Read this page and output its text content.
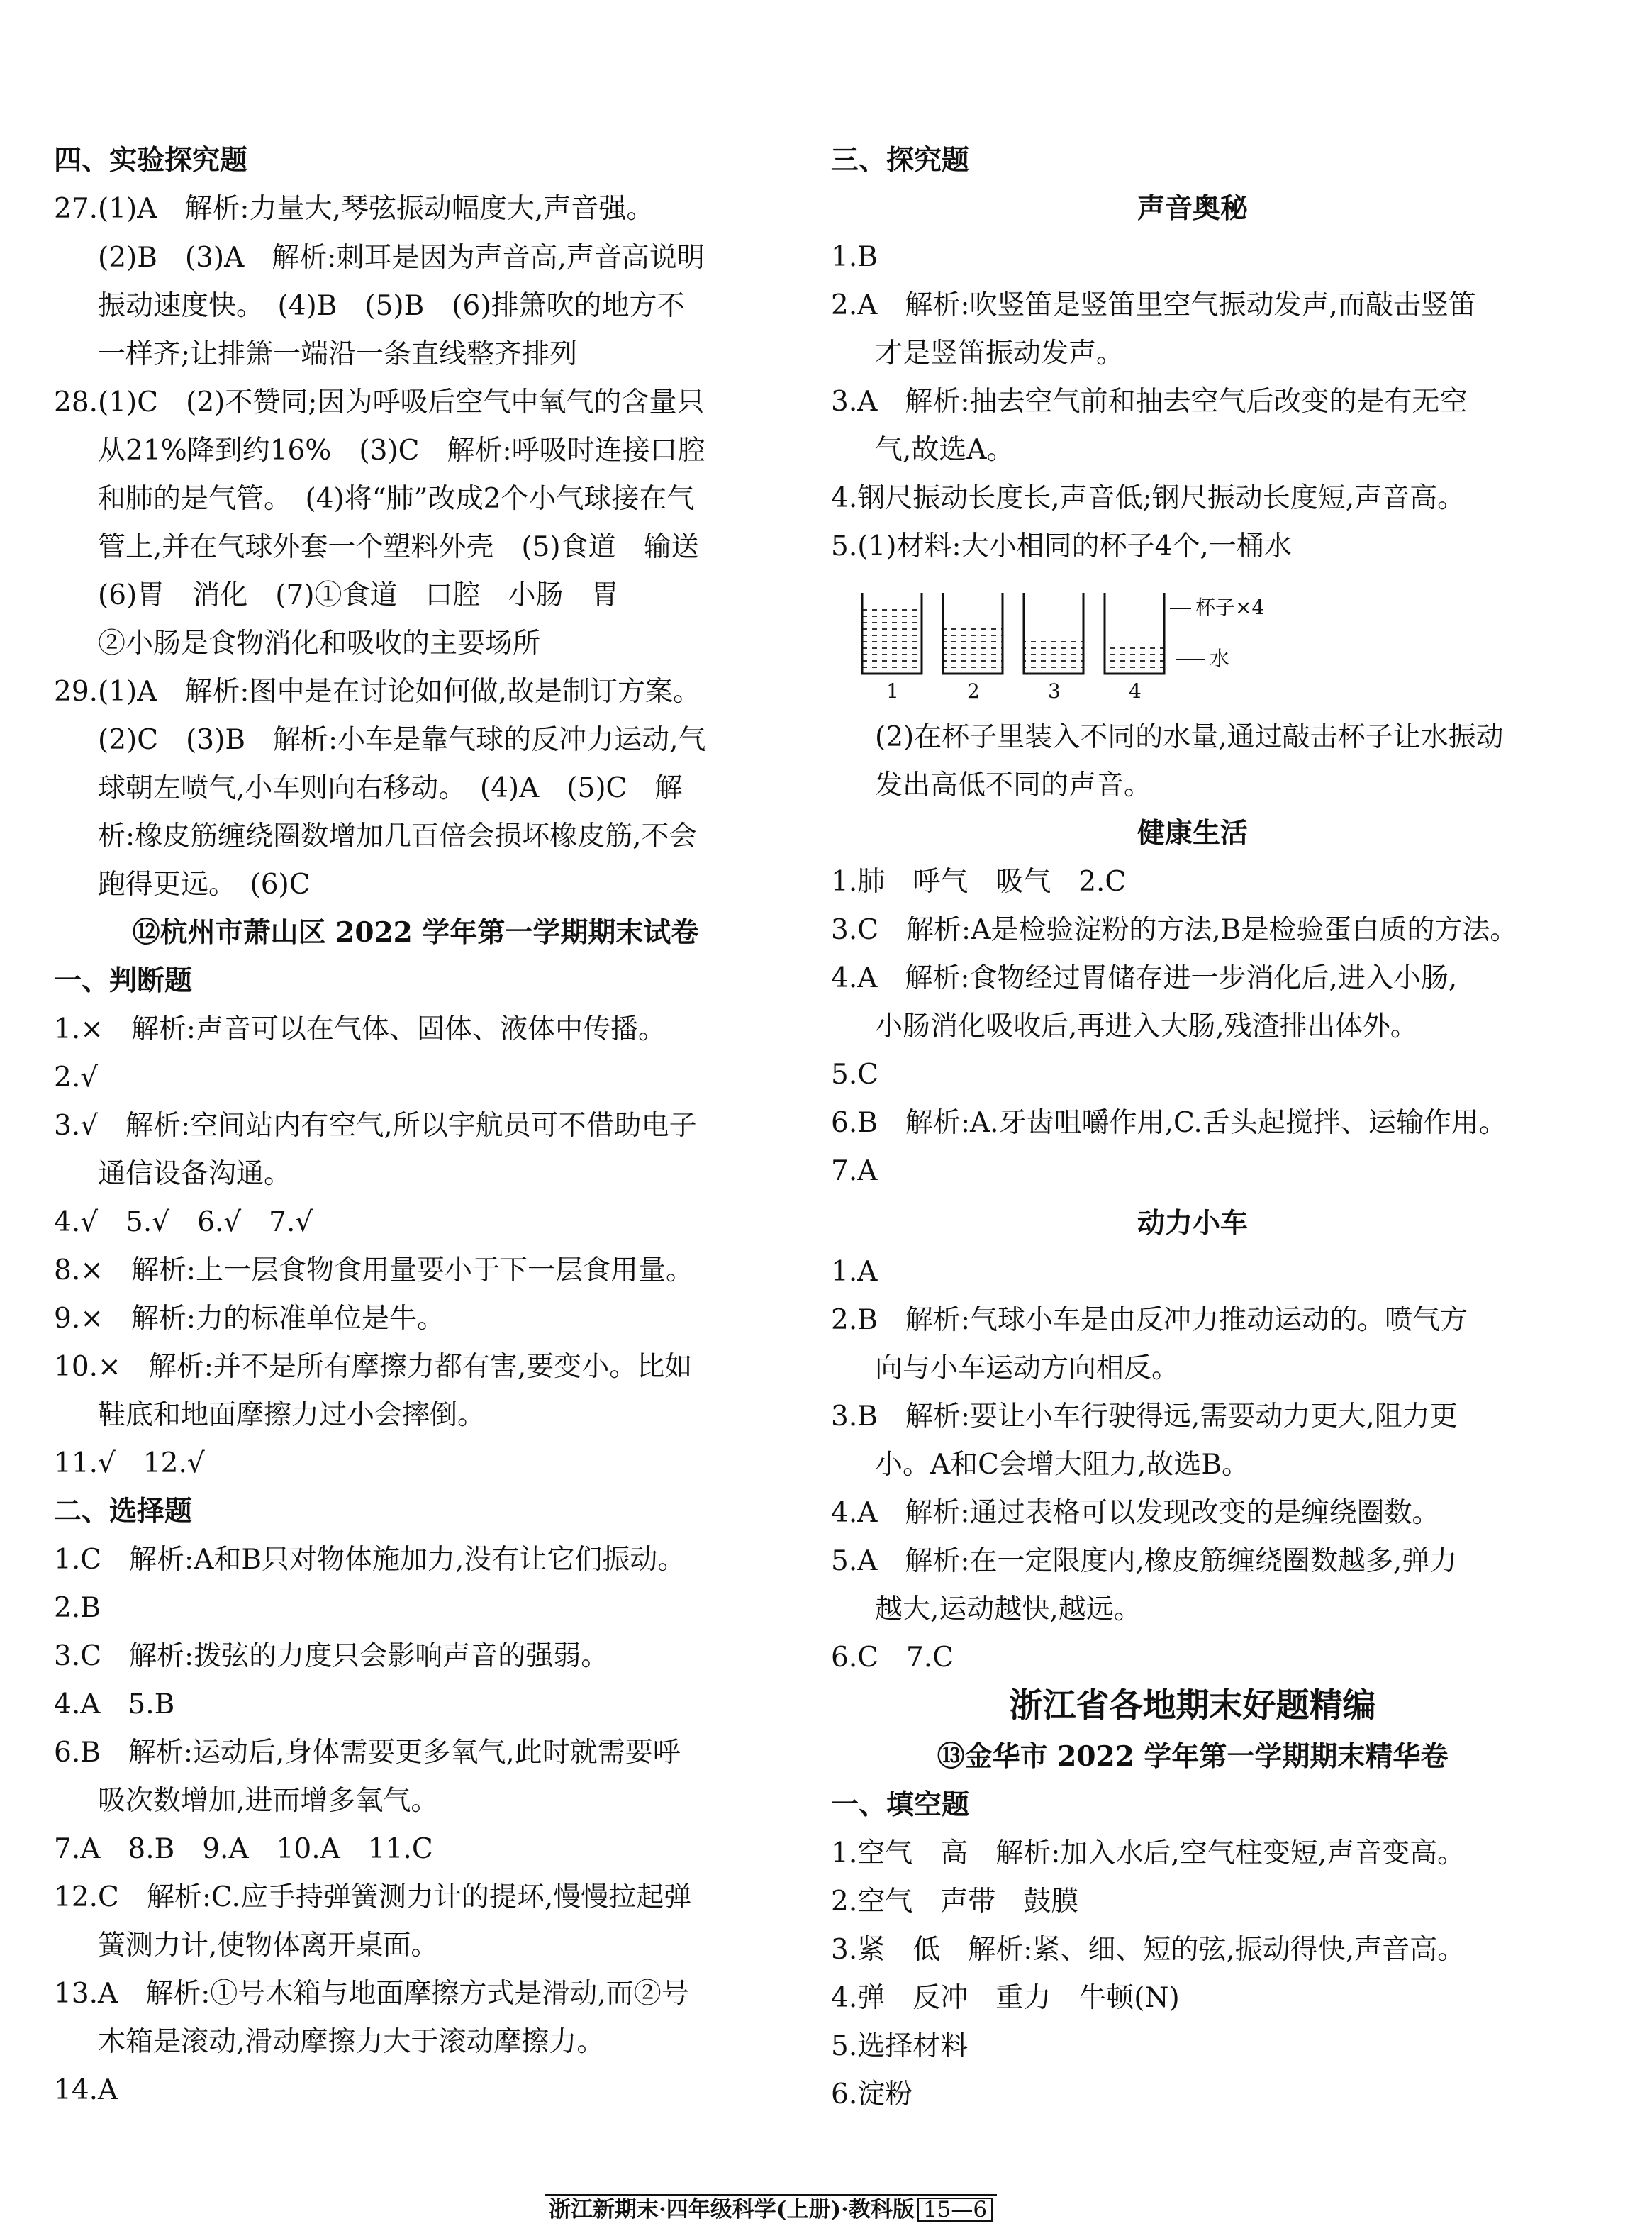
四、实验探究题
27.(1)A　解析:力量大,琴弦振动幅度大,声音强。
(2)B　(3)A　解析:刺耳是因为声音高,声音高说明
振动速度快。　(4)B　(5)B　(6)排箫吹的地方不
一样齐;让排箫一端沿一条直线整齐排列
28.(1)C　(2)不赞同;因为呼吸后空气中氧气的含量只
从21%降到约16%　(3)C　解析:呼吸时连接口腔
和肺的是气管。　(4)将“肺”改成2个小气球接在气
管上,并在气球外套一个塑料外壳　(5)食道　输送
(6)胃　消化　(7)①食道　口腔　小肠　胃
②小肠是食物消化和吸收的主要场所
29.(1)A　解析:图中是在讨论如何做,故是制订方案。
(2)C　(3)B　解析:小车是靠气球的反冲力运动,气
球朝左喷气,小车则向右移动。　(4)A　(5)C　解
析:橡皮筋缠绕圈数增加几百倍会损坏橡皮筋,不会
跑得更远。　(6)C
⑫杭州市萧山区 2022 学年第一学期期末试卷
一、判断题
1.×　解析:声音可以在气体、固体、液体中传播。
2.√
3.√　解析:空间站内有空气,所以宇航员可不借助电子
通信设备沟通。
4.√　5.√　6.√　7.√
8.×　解析:上一层食物食用量要小于下一层食用量。
9.×　解析:力的标准单位是牛。
10.×　解析:并不是所有摩擦力都有害,要变小。比如
鞋底和地面摩擦力过小会摔倒。
11.√　12.√
二、选择题
1.C　解析:A和B只对物体施加力,没有让它们振动。
2.B
3.C　解析:拨弦的力度只会影响声音的强弱。
4.A　5.B
6.B　解析:运动后,身体需要更多氧气,此时就需要呼
吸次数增加,进而增多氧气。
7.A　8.B　9.A　10.A　11.C
12.C　解析:C.应手持弹簧测力计的提环,慢慢拉起弹
簧测力计,使物体离开桌面。
13.A　解析:①号木箱与地面摩擦方式是滑动,而②号
木箱是滚动,滑动摩擦力大于滚动摩擦力。
14.A
三、探究题
声音奥秘
1.B
2.A　解析:吹竖笛是竖笛里空气振动发声,而敲击竖笛
才是竖笛振动发声。
3.A　解析:抽去空气前和抽去空气后改变的是有无空
气,故选A。
4.钢尺振动长度长,声音低;钢尺振动长度短,声音高。
5.(1)材料:大小相同的杯子4个,一桶水
(2)在杯子里装入不同的水量,通过敲击杯子让水振动
发出高低不同的声音。
健康生活
1.肺　呼气　吸气　2.C
3.C　解析:A是检验淀粉的方法,B是检验蛋白质的方法。
4.A　解析:食物经过胃储存进一步消化后,进入小肠,
小肠消化吸收后,再进入大肠,残渣排出体外。
5.C
6.B　解析:A.牙齿咀嚼作用,C.舌头起搅拌、运输作用。
7.A
动力小车
1.A
2.B　解析:气球小车是由反冲力推动运动的。喷气方
向与小车运动方向相反。
3.B　解析:要让小车行驶得远,需要动力更大,阻力更
小。A和C会增大阻力,故选B。
4.A　解析:通过表格可以发现改变的是缠绕圈数。
5.A　解析:在一定限度内,橡皮筋缠绕圈数越多,弹力
越大,运动越快,越远。
6.C　7.C
浙江省各地期末好题精编
⑬金华市 2022 学年第一学期期末精华卷
一、填空题
1.空气　高　解析:加入水后,空气柱变短,声音变高。
2.空气　声带　鼓膜
3.紧　低　解析:紧、细、短的弦,振动得快,声音高。
4.弹　反冲　重力　牛顿(N)
5.选择材料
6.淀粉
1	2	3	4
杯子×4
水
浙江新期末·四年级科学(上册)·教科版 15—6
